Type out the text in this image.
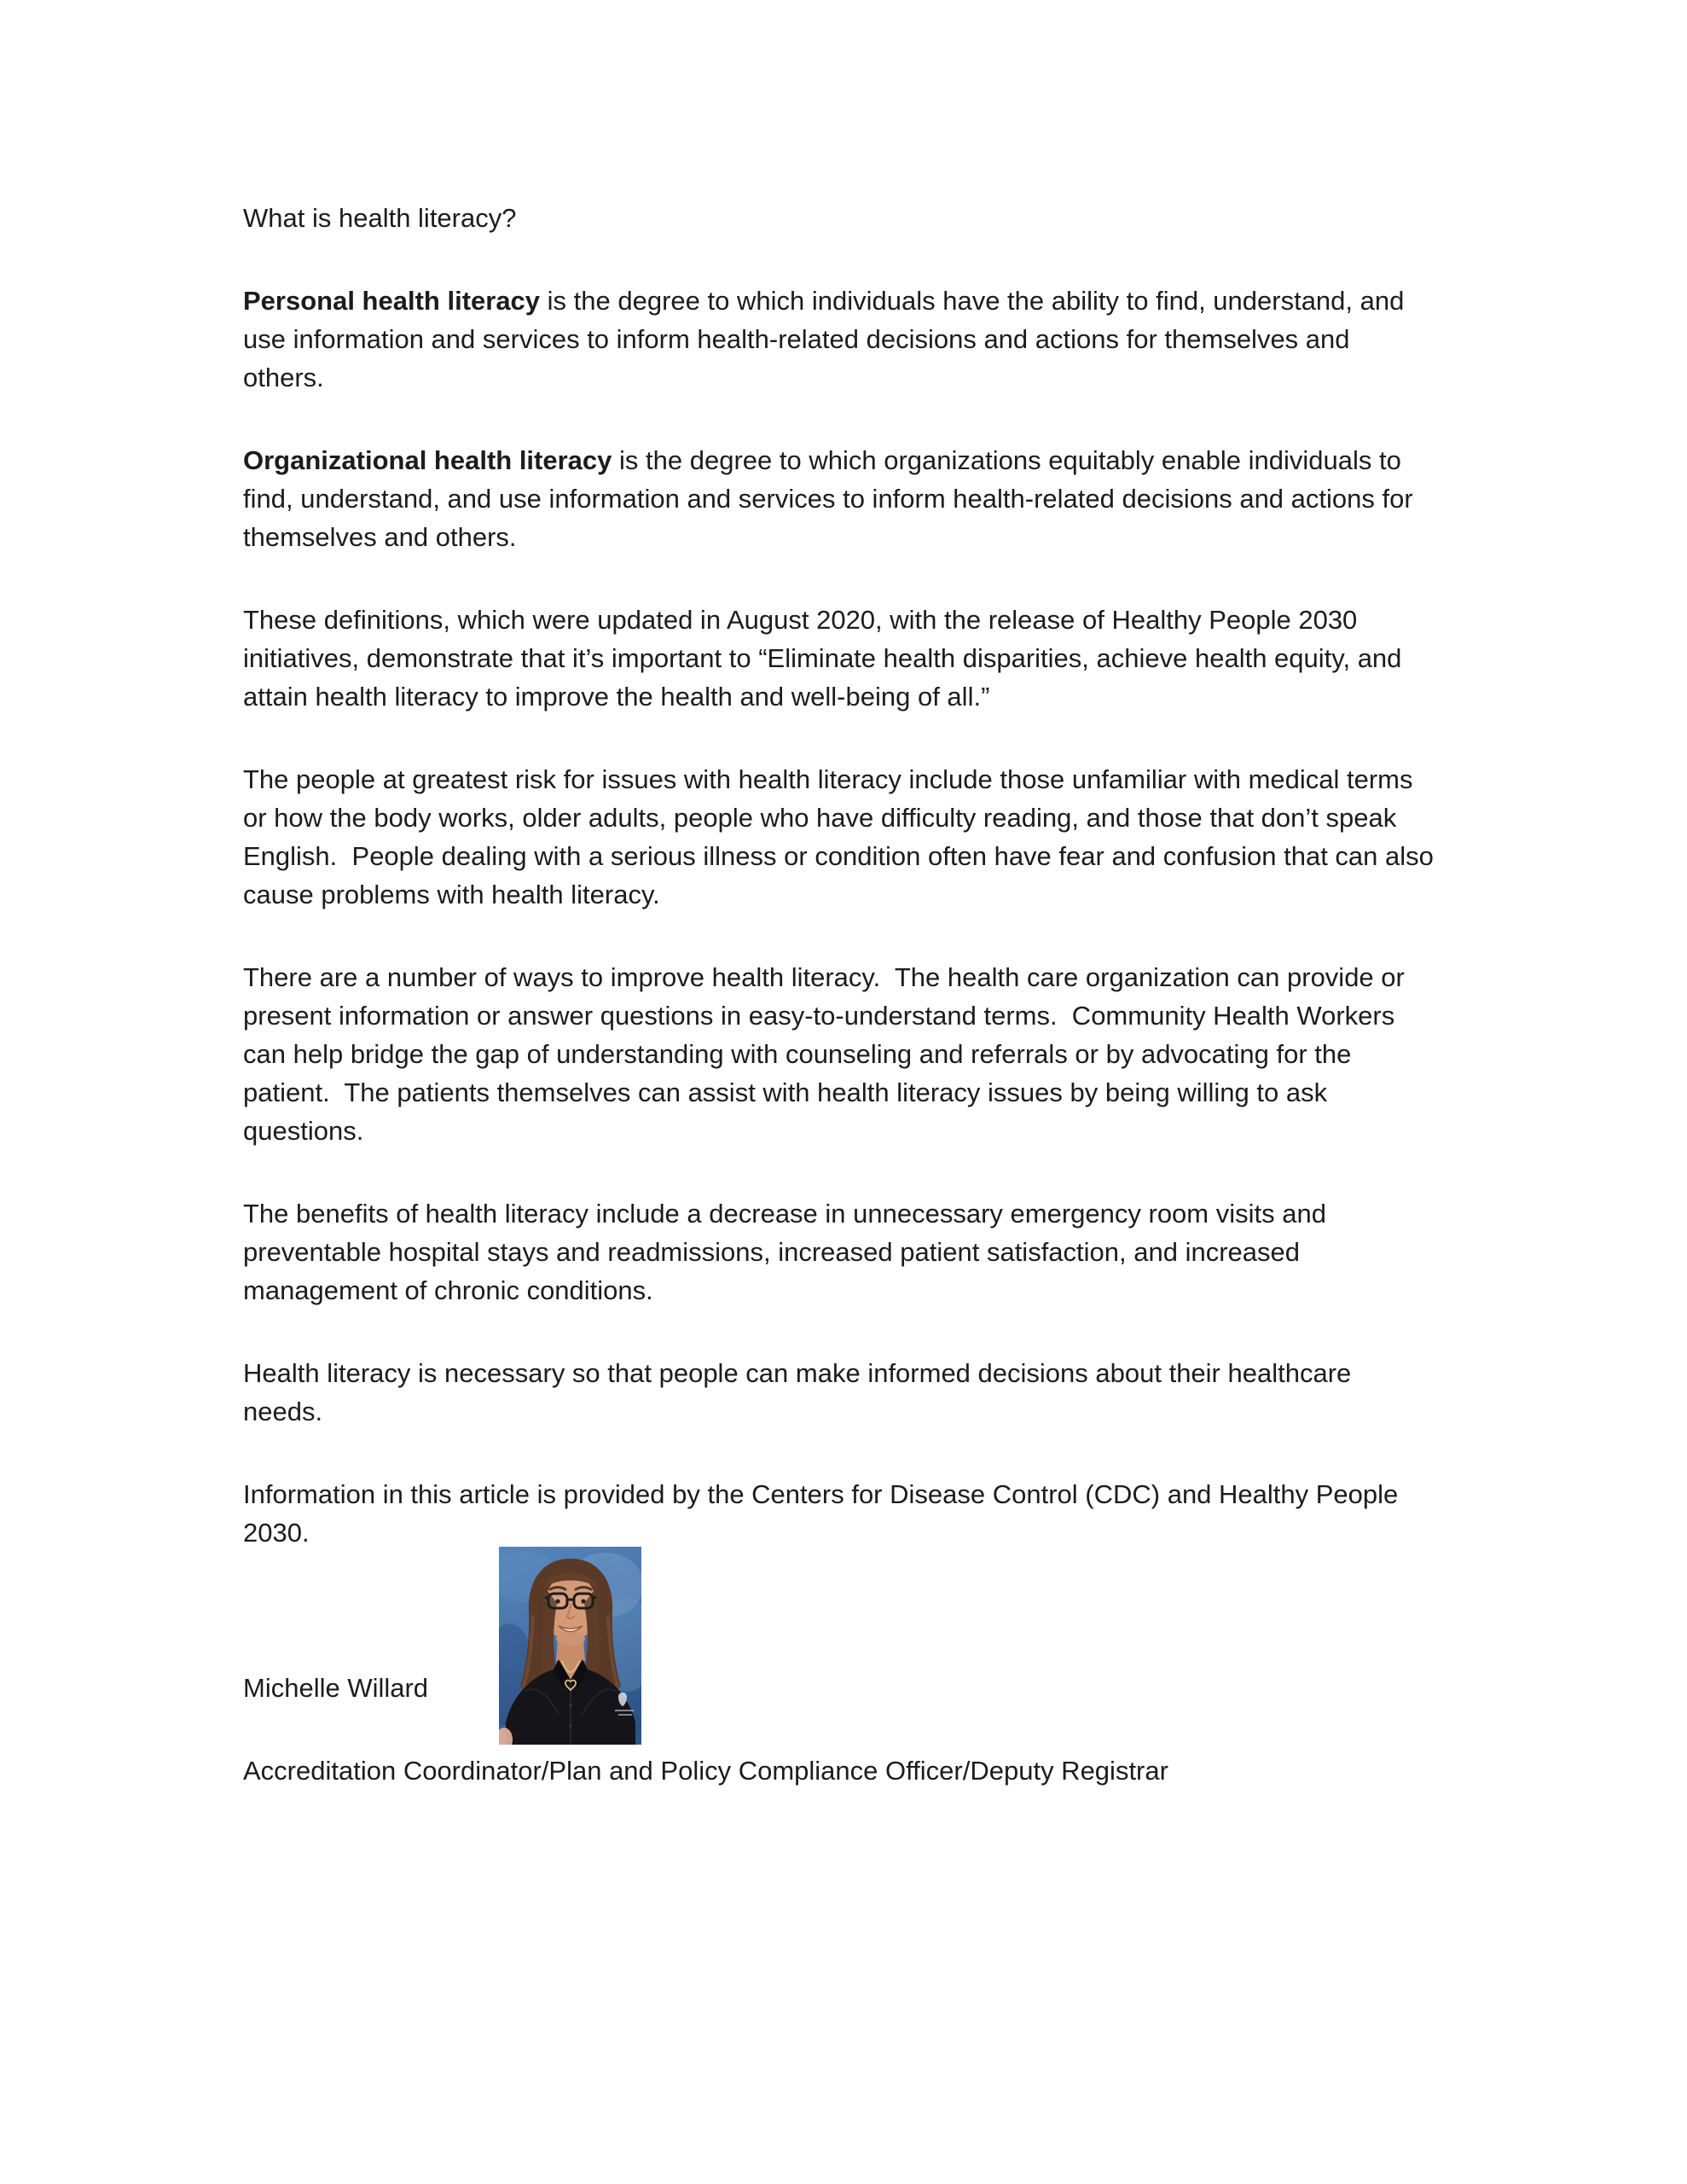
What is health literacy?

Personal health literacy is the degree to which individuals have the ability to find, understand, and use information and services to inform health-related decisions and actions for themselves and others.

Organizational health literacy is the degree to which organizations equitably enable individuals to find, understand, and use information and services to inform health-related decisions and actions for themselves and others.

These definitions, which were updated in August 2020, with the release of Healthy People 2030 initiatives, demonstrate that it’s important to “Eliminate health disparities, achieve health equity, and attain health literacy to improve the health and well-being of all.”

The people at greatest risk for issues with health literacy include those unfamiliar with medical terms or how the body works, older adults, people who have difficulty reading, and those that don’t speak English.  People dealing with a serious illness or condition often have fear and confusion that can also cause problems with health literacy.

There are a number of ways to improve health literacy.  The health care organization can provide or present information or answer questions in easy-to-understand terms.  Community Health Workers can help bridge the gap of understanding with counseling and referrals or by advocating for the patient.  The patients themselves can assist with health literacy issues by being willing to ask questions.

The benefits of health literacy include a decrease in unnecessary emergency room visits and preventable hospital stays and readmissions, increased patient satisfaction, and increased management of chronic conditions.

Health literacy is necessary so that people can make informed decisions about their healthcare needs.

Information in this article is provided by the Centers for Disease Control (CDC) and Healthy People 2030.

Michelle Willard

Accreditation Coordinator/Plan and Policy Compliance Officer/Deputy Registrar
